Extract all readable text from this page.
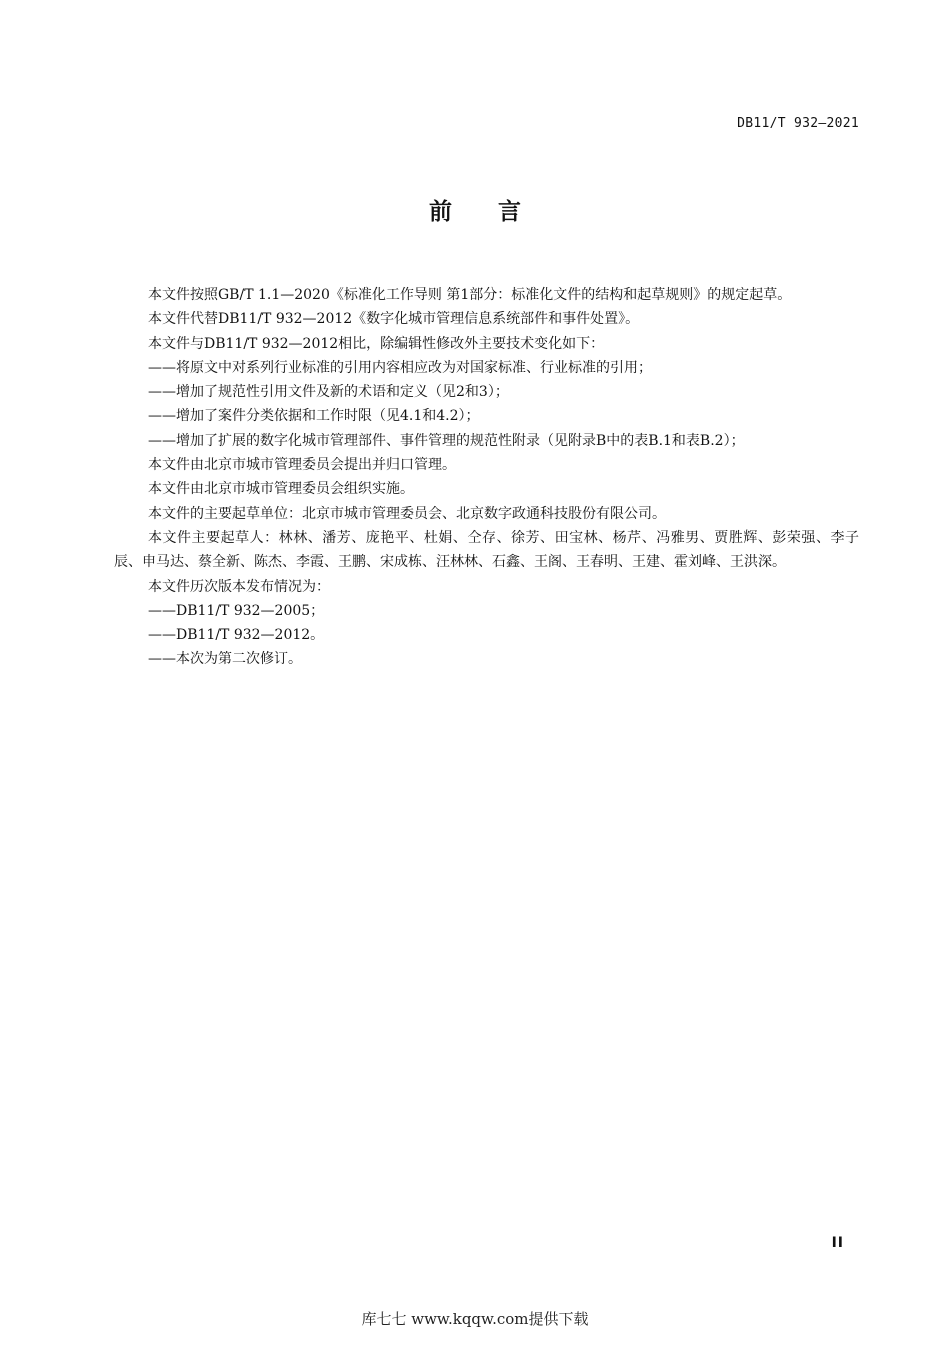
DB11/T 932—2021
前 言

本文件按照GB/T 1.1—2020《标准化工作导则 第1部分：标准化文件的结构和起草规则》的规定起草。

本文件代替DB11/T 932—2012《数字化城市管理信息系统部件和事件处置》。

本文件与DB11/T 932—2012相比，除编辑性修改外主要技术变化如下：

——将原文中对系列行业标准的引用内容相应改为对国家标准、行业标准的引用；

——增加了规范性引用文件及新的术语和定义（见2和3）；

——增加了案件分类依据和工作时限（见4.1和4.2）；

——增加了扩展的数字化城市管理部件、事件管理的规范性附录（见附录B中的表B.1和表B.2）；

本文件由北京市城市管理委员会提出并归口管理。

本文件由北京市城市管理委员会组织实施。

本文件的主要起草单位：北京市城市管理委员会、北京数字政通科技股份有限公司。

本文件主要起草人：林林、潘芳、庞艳平、杜娟、仝存、徐芳、田宝林、杨芹、冯雅男、贾胜辉、彭荣强、李子辰、申马达、蔡全新、陈杰、李霞、王鹏、宋成栋、汪林林、石鑫、王阁、王春明、王建、霍刘峰、王洪深。

本文件历次版本发布情况为：

——DB11/T 932—2005；

——DB11/T 932—2012。

——本次为第二次修订。

II
库七七 www.kqqw.com提供下载
